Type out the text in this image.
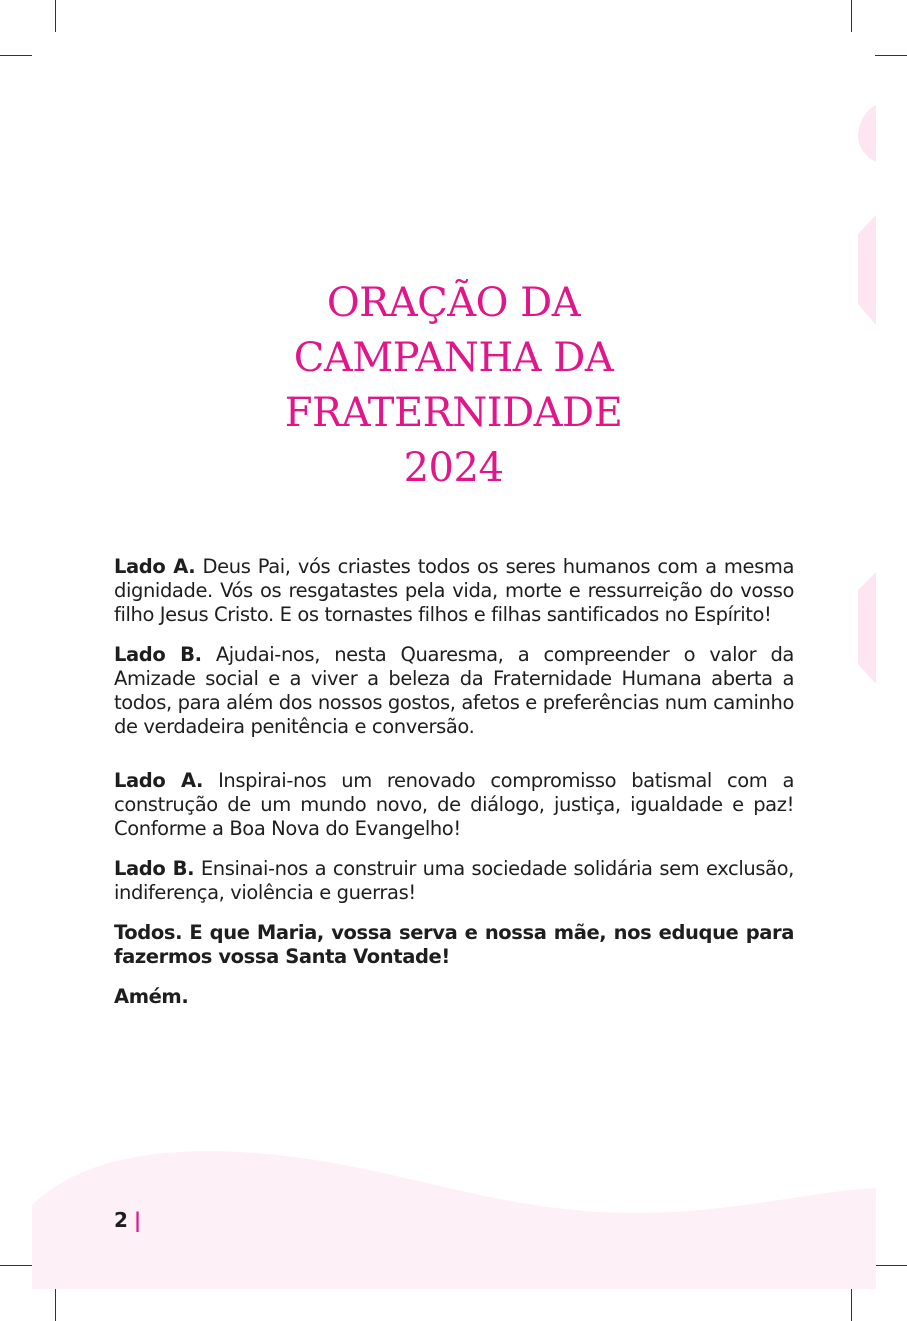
ORAÇÃO DA
CAMPANHA DA
FRATERNIDADE
2024

Lado A. Deus Pai, vós criastes todos os seres humanos com a mesma dignidade. Vós os resgatastes pela vida, morte e ressurreição do vosso filho Jesus Cristo. E os tornastes filhos e filhas santificados no Espírito!

Lado B. Ajudai-nos, nesta Quaresma, a compreender o valor da Amizade social e a viver a beleza da Fraternidade Humana aberta a todos, para além dos nossos gostos, afetos e preferências num caminho de verdadeira penitência e conversão.

Lado A. Inspirai-nos um renovado compromisso batismal com a construção de um mundo novo, de diálogo, justiça, igualdade e paz! Conforme a Boa Nova do Evangelho!

Lado B. Ensinai-nos a construir uma sociedade solidária sem exclusão, indiferença, violência e guerras!

Todos. E que Maria, vossa serva e nossa mãe, nos eduque para fazermos vossa Santa Vontade!

Amém.

2 |
